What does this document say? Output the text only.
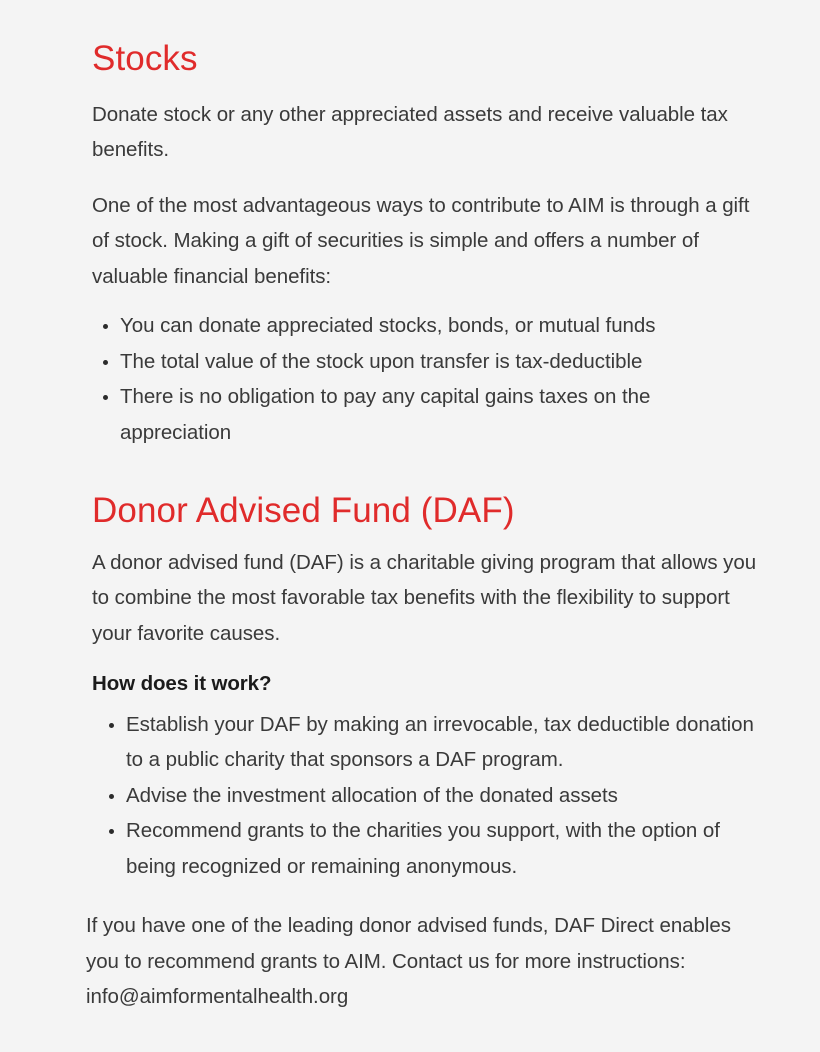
Stocks

Donate stock or any other appreciated assets and receive valuable tax benefits.

One of the most advantageous ways to contribute to AIM is through a gift of stock. Making a gift of securities is simple and offers a number of valuable financial benefits:

You can donate appreciated stocks, bonds, or mutual funds
The total value of the stock upon transfer is tax-deductible
There is no obligation to pay any capital gains taxes on the appreciation
Donor Advised Fund (DAF)

A donor advised fund (DAF) is a charitable giving program that allows you to combine the most favorable tax benefits with the flexibility to support your favorite causes.

How does it work?
Establish your DAF by making an irrevocable, tax deductible donation to a public charity that sponsors a DAF program.
Advise the investment allocation of the donated assets
Recommend grants to the charities you support, with the option of being recognized or remaining anonymous.

If you have one of the leading donor advised funds, DAF Direct enables you to recommend grants to AIM. Contact us for more instructions: info@aimformentalhealth.org
